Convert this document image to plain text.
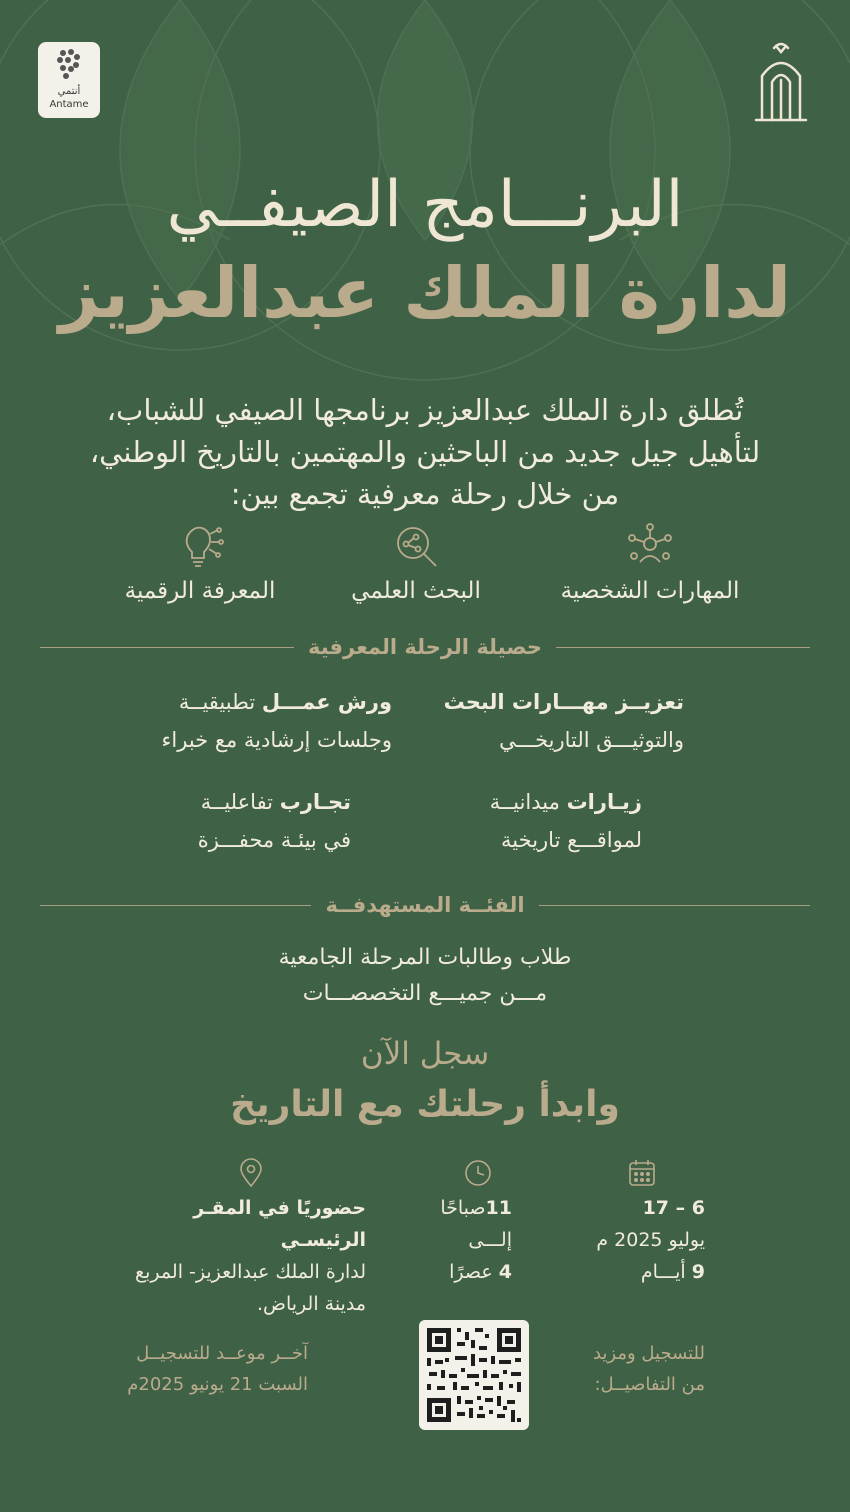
أنتمي
Antame
البرنـــامج الصيفــي
لدارة الملك عبدالعزيز
تُطلق دارة الملك عبدالعزيز برنامجها الصيفي للشباب،
لتأهيل جيل جديد من الباحثين والمهتمين بالتاريخ الوطني،
من خلال رحلة معرفية تجمع بين:
المهارات الشخصية
البحث العلمي
المعرفة الرقمية
حصيلة الرحلة المعرفية
تعزيــز مهـــارات البحث
والتوثيـــق التاريخـــي
ورش عمـــل تطبيقيــة
وجلسات إرشادية مع خبراء
زيـارات ميدانيــة
لمواقـــع تاريخية
تجـارب تفاعليــة
في بيئـة محفـــزة
الفئــة المستهدفــة
طلاب وطالبات المرحلة الجامعية
مـــن جميـــع التخصصـــات
سجل الآن
وابدأ رحلتك مع التاريخ
6 – 17
يوليو 2025 م
9 أيـــام
11صباحًا
إلـــى
4 عصرًا
حضوريًا في المقـر الرئيسـي
لدارة الملك عبدالعزيز- المربع
مدينة الرياض.
للتسجيل ومزيد
من التفاصيــل:
آخــر موعــد للتسجيــل
السبت 21 يونيو 2025م
